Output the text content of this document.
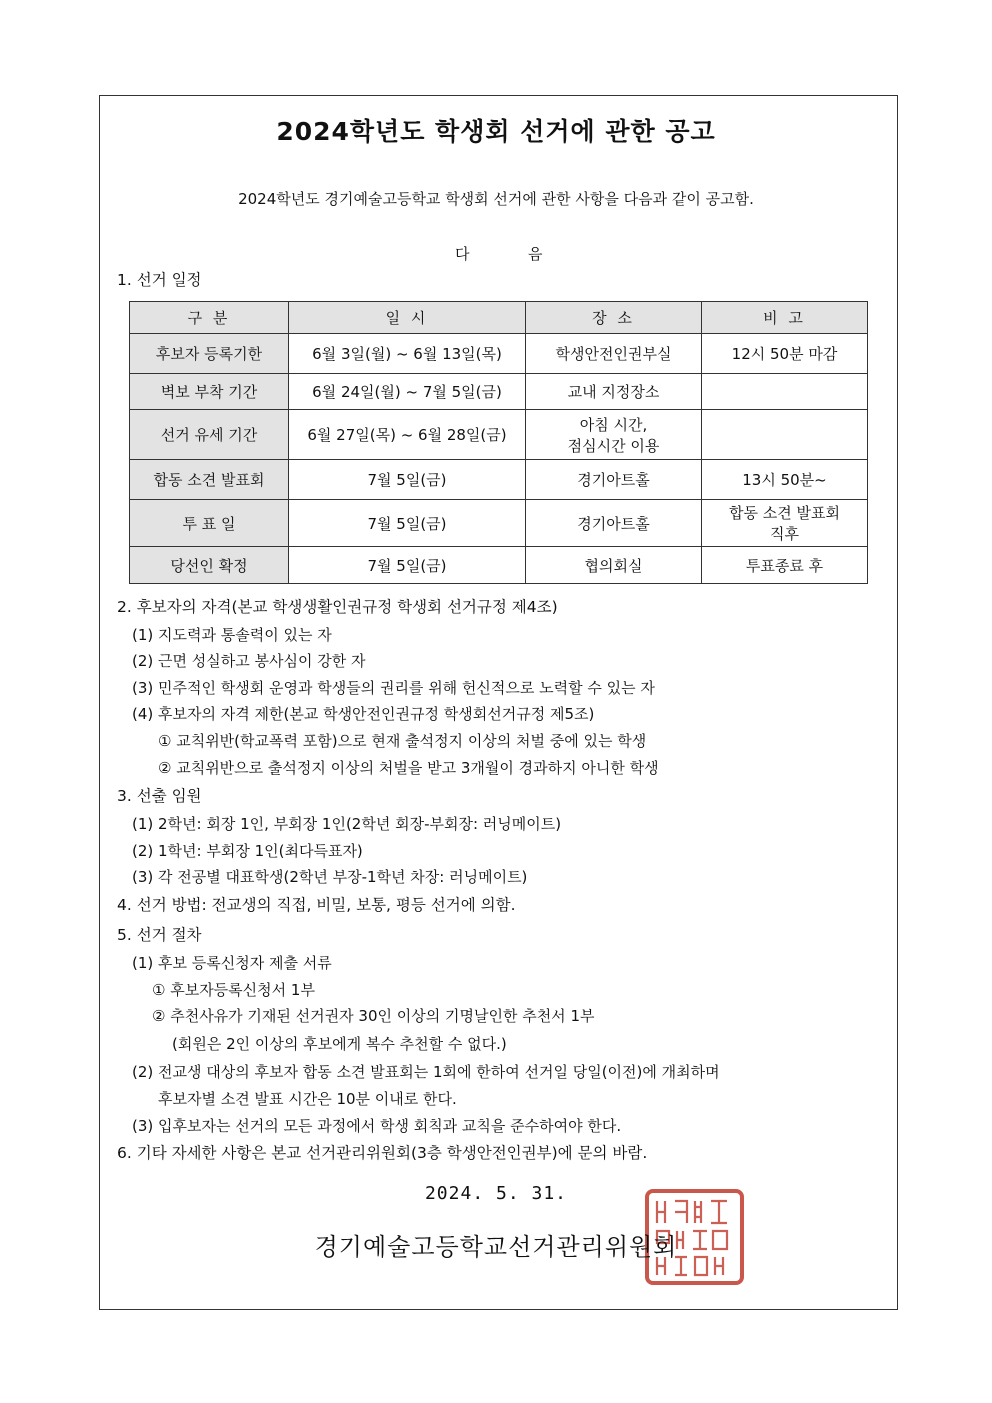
2024학년도 학생회 선거에 관한 공고
2024학년도 경기예술고등학교 학생회 선거에 관한 사항을 다음과 같이 공고함.
다	음
1. 선거 일정
구 분	일 시	장 소	비 고
후보자 등록기한	6월 3일(월) ~ 6월 13일(목)	학생안전인권부실	12시 50분 마감
벽보 부착 기간	6월 24일(월) ~ 7월 5일(금)	교내 지정장소	
선거 유세 기간	6월 27일(목) ~ 6월 28일(금)	아침 시간,
점심시간 이용	

합동 소견 발표회	7월 5일(금)	경기아트홀	13시 50분~
투 표 일	7월 5일(금)	경기아트홀	합동 소견 발표회
직후

당선인 확정	7월 5일(금)	협의회실	투표종료 후
2. 후보자의 자격(본교 학생생활인권규정 학생회 선거규정 제4조)
(1) 지도력과 통솔력이 있는 자
(2) 근면 성실하고 봉사심이 강한 자
(3) 민주적인 학생회 운영과 학생들의 권리를 위해 헌신적으로 노력할 수 있는 자
(4) 후보자의 자격 제한(본교 학생안전인권규정 학생회선거규정 제5조)
① 교칙위반(학교폭력 포함)으로 현재 출석정지 이상의 처벌 중에 있는 학생
② 교칙위반으로 출석정지 이상의 처벌을 받고 3개월이 경과하지 아니한 학생
3. 선출 임원
(1) 2학년: 회장 1인, 부회장 1인(2학년 회장-부회장: 러닝메이트)
(2) 1학년: 부회장 1인(최다득표자)
(3) 각 전공별 대표학생(2학년 부장-1학년 차장: 러닝메이트)
4. 선거 방법: 전교생의 직접, 비밀, 보통, 평등 선거에 의함.
5. 선거 절차
(1) 후보 등록신청자 제출 서류
① 후보자등록신청서 1부
② 추천사유가 기재된 선거권자 30인 이상의 기명날인한 추천서 1부
(회원은 2인 이상의 후보에게 복수 추천할 수 없다.)
(2) 전교생 대상의 후보자 합동 소견 발표회는 1회에 한하여 선거일 당일(이전)에 개최하며
후보자별 소견 발표 시간은 10분 이내로 한다.
(3) 입후보자는 선거의 모든 과정에서 학생 회칙과 교칙을 준수하여야 한다.
6. 기타 자세한 사항은 본교 선거관리위원회(3층 학생안전인권부)에 문의 바람.
2024. 5. 31.
경기예술고등학교선거관리위원회
